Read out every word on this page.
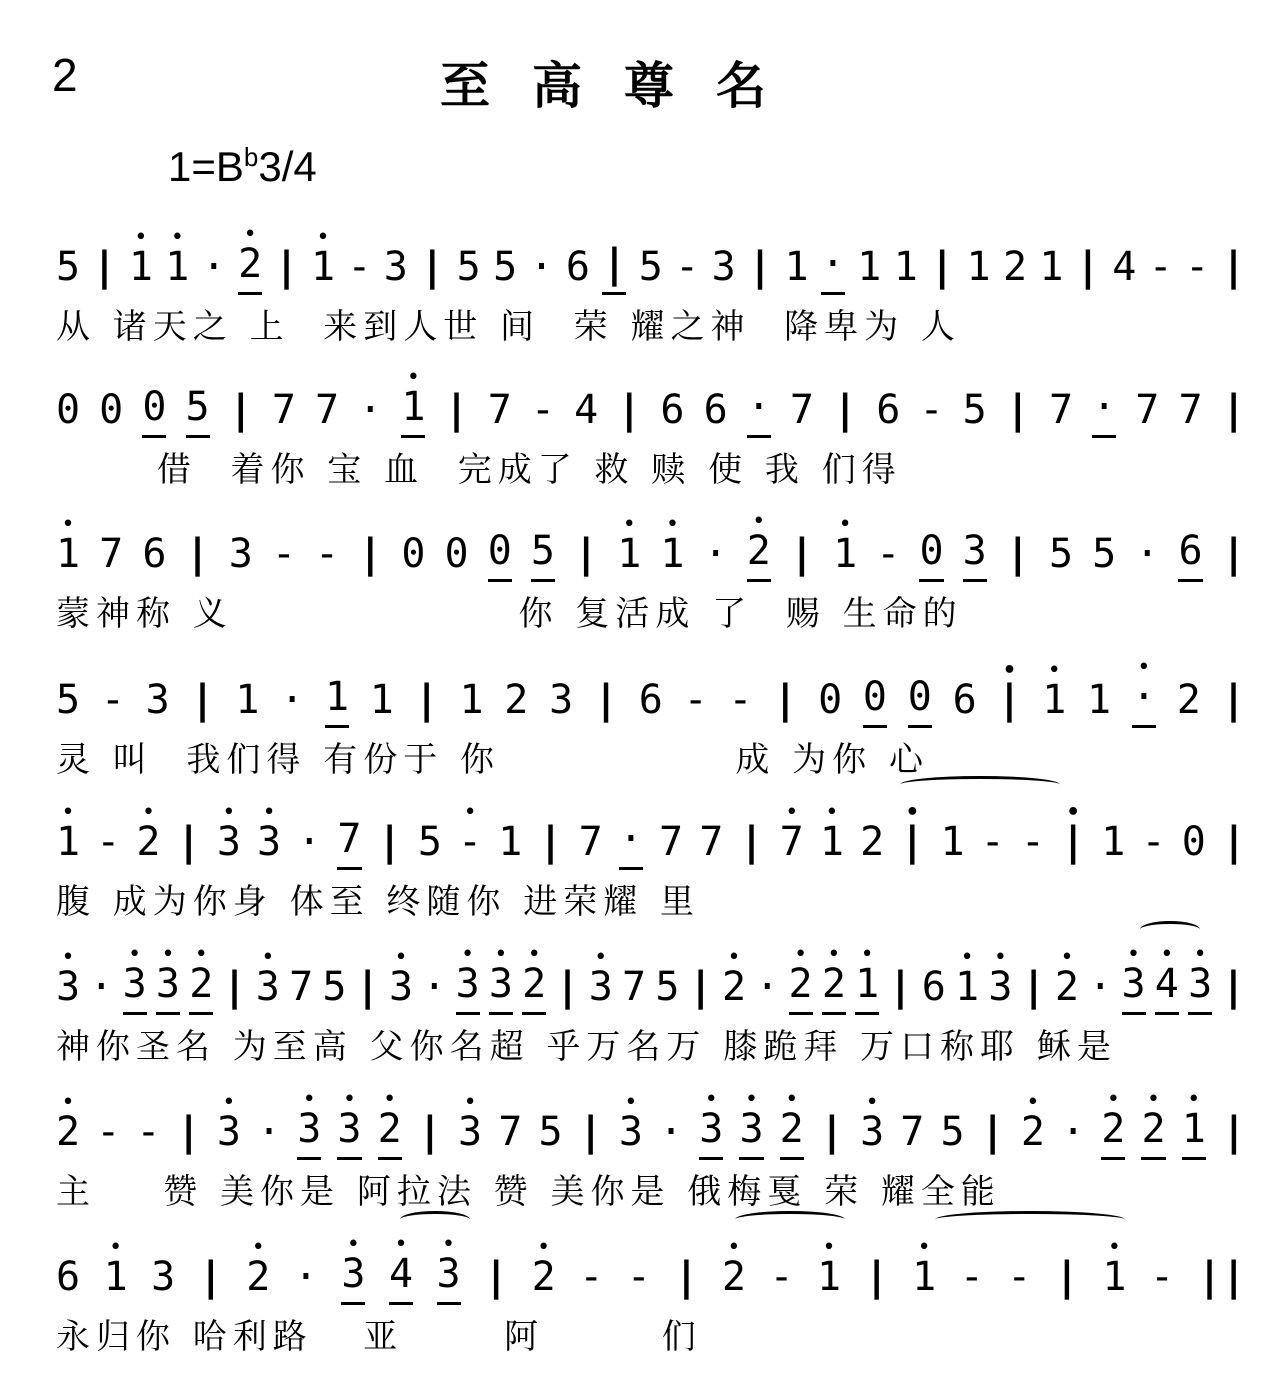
2	至高尊名
$1=B^b3/4$
5 | • 1 • 1 · • 2 | • 1 - 3 | 5 5 · 6 | 5 - 3 | 1 · 1 1 | 1 2 1 | 4 - - |
从 诸天之 上  来到人世 间  荣 耀之神  降卑为 人
0 0 0 5 | 7 7 · • 1 | 7 - 4 | 6 6 · 7 | 6 - 5 | 7 · 7 7 |
借  着你 宝 血  完成了 救 赎 使 我 们得
• 1 7 6 | 3 - - | 0 0 0 5 | • 1 • 1 · • 2 | • 1 - 0 3 | 5 5 · 6 |
蒙神称 义                 你 复活成 了  赐 生命的
5 - 3 | 1 · 1 1 | 1 2 3 | 6 - - | 0 0 0 6 • | • 1 1 • · 2 |
灵 叫  我们得 有份于 你              成 为你 心
• 1 - • 2 | • 3 • 3 · 7 | 5 • - 1 | 7 · 7 7 | • 7 • 1 2 • | 1 - - • | 1 - 0 |
腹 成为你身 体至 终随你 进荣耀 里
• 3 · • 3 • 3 • 2 | • 3 7 5 | • 3 · • 3 • 3 • 2 | • 3 7 5 | • 2 · • 2 • 2 • 1 | 6 • 1 • 3 | • 2 · • 3 • 4 • 3 |
神你圣名 为至高 父你名超 乎万名万 膝跪拜 万口称耶 稣是
• 2 - - | • 3 · • 3 • 3 • 2 | • 3 7 5 | • 3 · • 3 • 3 • 2 | • 3 7 5 | • 2 · • 2 • 2 • 1 |
主    赞 美你是 阿拉法 赞 美你是 俄梅戛 荣 耀全能
6 • 1 3 | • 2 · • 3 • 4 • 3 | • 2 - - | • 2 - • 1 | • 1 - - | • 1 - ||
永归你 哈利路   亚      阿       们
